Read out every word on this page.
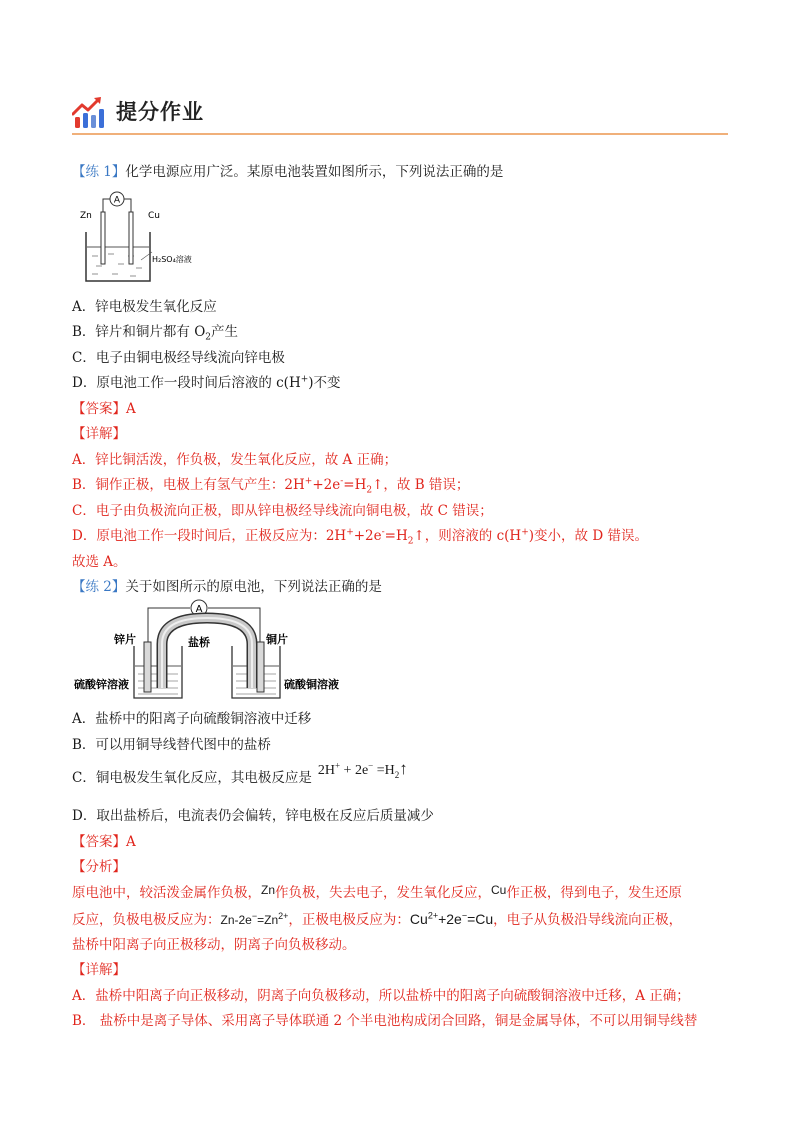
提分作业
【练 1】化学电源应用广泛。某原电池装置如图所示，下列说法正确的是
A
Zn	Cu
H₂SO₄溶液
A．锌电极发生氧化反应
B．锌片和铜片都有 $O_2$产生
C．电子由铜电极经导线流向锌电极
D．原电池工作一段时间后溶液的 c(H+)不变
【答案】A
【详解】
A．锌比铜活泼，作负极，发生氧化反应，故 A 正确；
B．铜作正极，电极上有氢气产生：$2H^++2e^-=H_2↑$，故 B 错误；
C．电子由负极流向正极，即从锌电极经导线流向铜电极，故 C 错误；
D．原电池工作一段时间后，正极反应为：$2H^++2e^-=H_2↑$，则溶液的 c(H+)变小，故 D 错误。
故选 A。
【练 2】关于如图所示的原电池，下列说法正确的是
A
锌片	盐桥	铜片
硫酸锌溶液	硫酸铜溶液
A．盐桥中的阳离子向硫酸铜溶液中迁移
B．可以用铜导线替代图中的盐桥
C．铜电极发生氧化反应，其电极反应是 $2H^+ + 2e^- =H_2↑$
D．取出盐桥后，电流表仍会偏转，锌电极在反应后质量减少
【答案】A
【分析】
原电池中，较活泼金属作负极，Zn作负极，失去电子，发生氧化反应，Cu作正极，得到电子，发生还原
反应，负极电极反应为：$Zn-2e^-=Zn^{2+}$，正极电极反应为：$Cu^{2+}+2e^-=Cu$，电子从负极沿导线流向正极，
盐桥中阳离子向正极移动，阴离子向负极移动。
【详解】
A．盐桥中阳离子向正极移动，阴离子向负极移动，所以盐桥中的阳离子向硫酸铜溶液中迁移，A 正确；
B． 盐桥中是离子导体、采用离子导体联通 2 个半电池构成闭合回路，铜是金属导体，不可以用铜导线替
